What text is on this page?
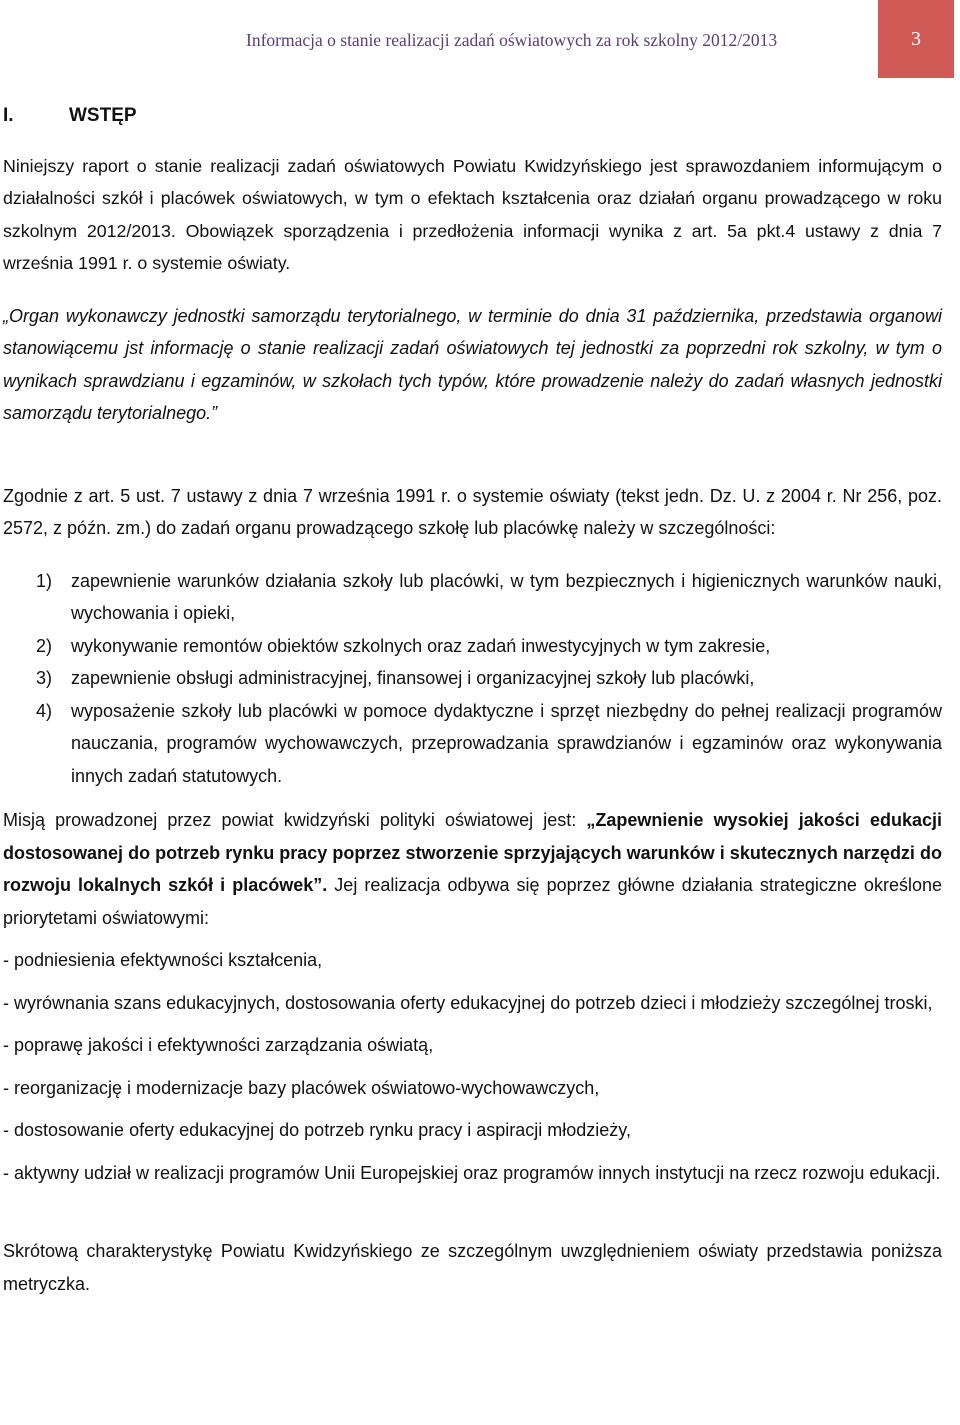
Informacja o stanie realizacji zadań oświatowych za rok szkolny 2012/2013	3
I.	WSTĘP

Niniejszy raport o stanie realizacji zadań oświatowych Powiatu Kwidzyńskiego jest sprawozdaniem informującym o działalności szkół i placówek oświatowych, w tym o efektach kształcenia oraz działań organu prowadzącego w roku szkolnym 2012/2013. Obowiązek sporządzenia i przedłożenia informacji wynika z art. 5a pkt.4 ustawy z dnia 7 września 1991 r. o systemie oświaty.

„Organ wykonawczy jednostki samorządu terytorialnego, w terminie do dnia 31 października, przedstawia organowi stanowiącemu jst informację o stanie realizacji zadań oświatowych tej jednostki za poprzedni rok szkolny, w tym o wynikach sprawdzianu i egzaminów, w szkołach tych typów, które prowadzenie należy do zadań własnych jednostki samorządu terytorialnego.”

Zgodnie z art. 5 ust. 7 ustawy z dnia 7 września 1991 r. o systemie oświaty (tekst jedn. Dz. U. z 2004 r. Nr 256, poz. 2572, z późn. zm.) do zadań organu prowadzącego szkołę lub placówkę należy w szczególności:

1) zapewnienie warunków działania szkoły lub placówki, w tym bezpiecznych i higienicznych warunków nauki, wychowania i opieki,
2) wykonywanie remontów obiektów szkolnych oraz zadań inwestycyjnych w tym zakresie,
3) zapewnienie obsługi administracyjnej, finansowej i organizacyjnej szkoły lub placówki,
4) wyposażenie szkoły lub placówki w pomoce dydaktyczne i sprzęt niezbędny do pełnej realizacji programów nauczania, programów wychowawczych, przeprowadzania sprawdzianów i egzaminów oraz wykonywania innych zadań statutowych.

Misją prowadzonej przez powiat kwidzyński polityki oświatowej jest: „Zapewnienie wysokiej jakości edukacji dostosowanej do potrzeb rynku pracy poprzez stworzenie sprzyjających warunków i skutecznych narzędzi do rozwoju lokalnych szkół i placówek”. Jej realizacja odbywa się poprzez główne działania strategiczne określone priorytetami oświatowymi:

- podniesienia efektywności kształcenia,

- wyrównania szans edukacyjnych, dostosowania oferty edukacyjnej do potrzeb dzieci i młodzieży szczególnej troski,

- poprawę jakości i efektywności zarządzania oświatą,

- reorganizację i modernizacje bazy placówek oświatowo-wychowawczych,

- dostosowanie oferty edukacyjnej do potrzeb rynku pracy i aspiracji młodzieży,

- aktywny udział w realizacji programów Unii Europejskiej oraz programów innych instytucji na rzecz rozwoju edukacji.

Skrótową charakterystykę Powiatu Kwidzyńskiego ze szczególnym uwzględnieniem oświaty przedstawia poniższa metryczka.
